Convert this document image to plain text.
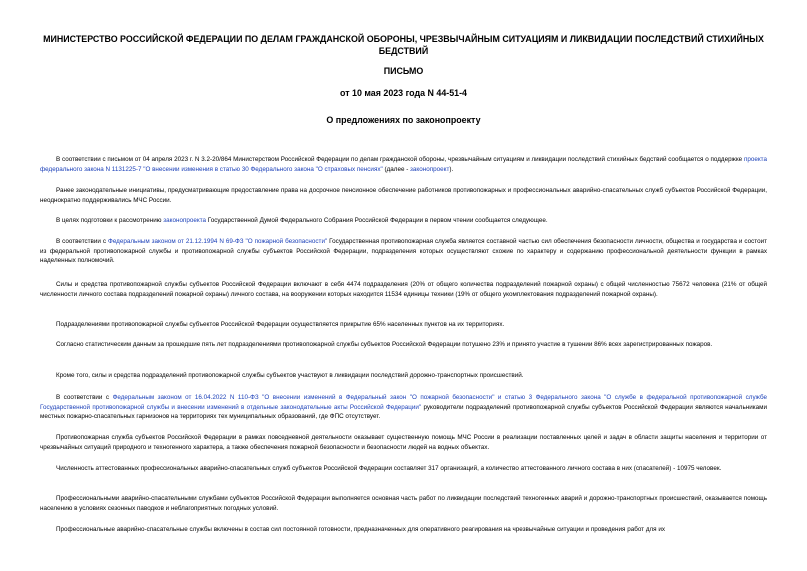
МИНИСТЕРСТВО РОССИЙСКОЙ ФЕДЕРАЦИИ ПО ДЕЛАМ ГРАЖДАНСКОЙ ОБОРОНЫ, ЧРЕЗВЫЧАЙНЫМ СИТУАЦИЯМ И ЛИКВИДАЦИИ ПОСЛЕДСТВИЙ СТИХИЙНЫХ БЕДСТВИЙ

ПИСЬМО

от 10 мая 2023 года N 44-51-4

О предложениях по законопроекту

В соответствии с письмом от 04 апреля 2023 г. N 3.2-20/864 Министерством Российской Федерации по делам гражданской обороны, чрезвычайным ситуациям и ликвидации последствий стихийных бедствий сообщается о поддержке проекта федерального закона N 1131225-7 "О внесении изменения в статью 30 Федерального закона "О страховых пенсиях" (далее - законопроект).

Ранее законодательные инициативы, предусматривающие предоставление права на досрочное пенсионное обеспечение работников противопожарных и профессиональных аварийно-спасательных служб субъектов Российской Федерации, неоднократно поддерживались МЧС России.

В целях подготовки к рассмотрению законопроекта Государственной Думой Федерального Собрания Российской Федерации в первом чтении сообщается следующее.

В соответствии с Федеральным законом от 21.12.1994 N 69-ФЗ "О пожарной безопасности" Государственная противопожарная служба является составной частью сил обеспечения безопасности личности, общества и государства и состоит из федеральной противопожарной службы и противопожарной службы субъектов Российской Федерации, подразделения которых осуществляют схожие по характеру и содержанию профессиональной деятельности функции в рамках наделенных полномочий.

Силы и средства противопожарной службы субъектов Российской Федерации включают в себя 4474 подразделения (20% от общего количества подразделений пожарной охраны) с общей численностью 75672 человека (21% от общей численности личного состава подразделений пожарной охраны) личного состава, на вооружении которых находится 11534 единицы техники (19% от общего укомплектования подразделений пожарной охраны).

Подразделениями противопожарной службы субъектов Российской Федерации осуществляется прикрытие 65% населенных пунктов на их территориях.

Согласно статистическим данным за прошедшие пять лет подразделениями противопожарной службы субъектов Российской Федерации потушено 23% и принято участие в тушении 86% всех зарегистрированных пожаров.

Кроме того, силы и средства подразделений противопожарной службы субъектов участвуют в ликвидации последствий дорожно-транспортных происшествий.

В соответствии с Федеральным законом от 16.04.2022 N 110-ФЗ "О внесении изменений в Федеральный закон "О пожарной безопасности" и статью 3 Федерального закона "О службе в федеральной противопожарной службе Государственной противопожарной службы и внесении изменений в отдельные законодательные акты Российской Федерации" руководители подразделений противопожарной службы субъектов Российской Федерации являются начальниками местных пожарно-спасательных гарнизонов на территориях тех муниципальных образований, где ФПС отсутствует.

Противопожарная служба субъектов Российской Федерации в рамках повседневной деятельности оказывает существенную помощь МЧС России в реализации поставленных целей и задач в области защиты населения и территории от чрезвычайных ситуаций природного и техногенного характера, а также обеспечения пожарной безопасности и безопасности людей на водных объектах.

Численность аттестованных профессиональных аварийно-спасательных служб субъектов Российской Федерации составляет 317 организаций, а количество аттестованного личного состава в них (спасателей) - 10975 человек.

Профессиональными аварийно-спасательными службами субъектов Российской Федерации выполняется основная часть работ по ликвидации последствий техногенных аварий и дорожно-транспортных происшествий, оказывается помощь населению в условиях сезонных паводков и неблагоприятных погодных условий.

Профессиональные аварийно-спасательные службы включены в состав сил постоянной готовности, предназначенных для оперативного реагирования на чрезвычайные ситуации и проведения работ для их
